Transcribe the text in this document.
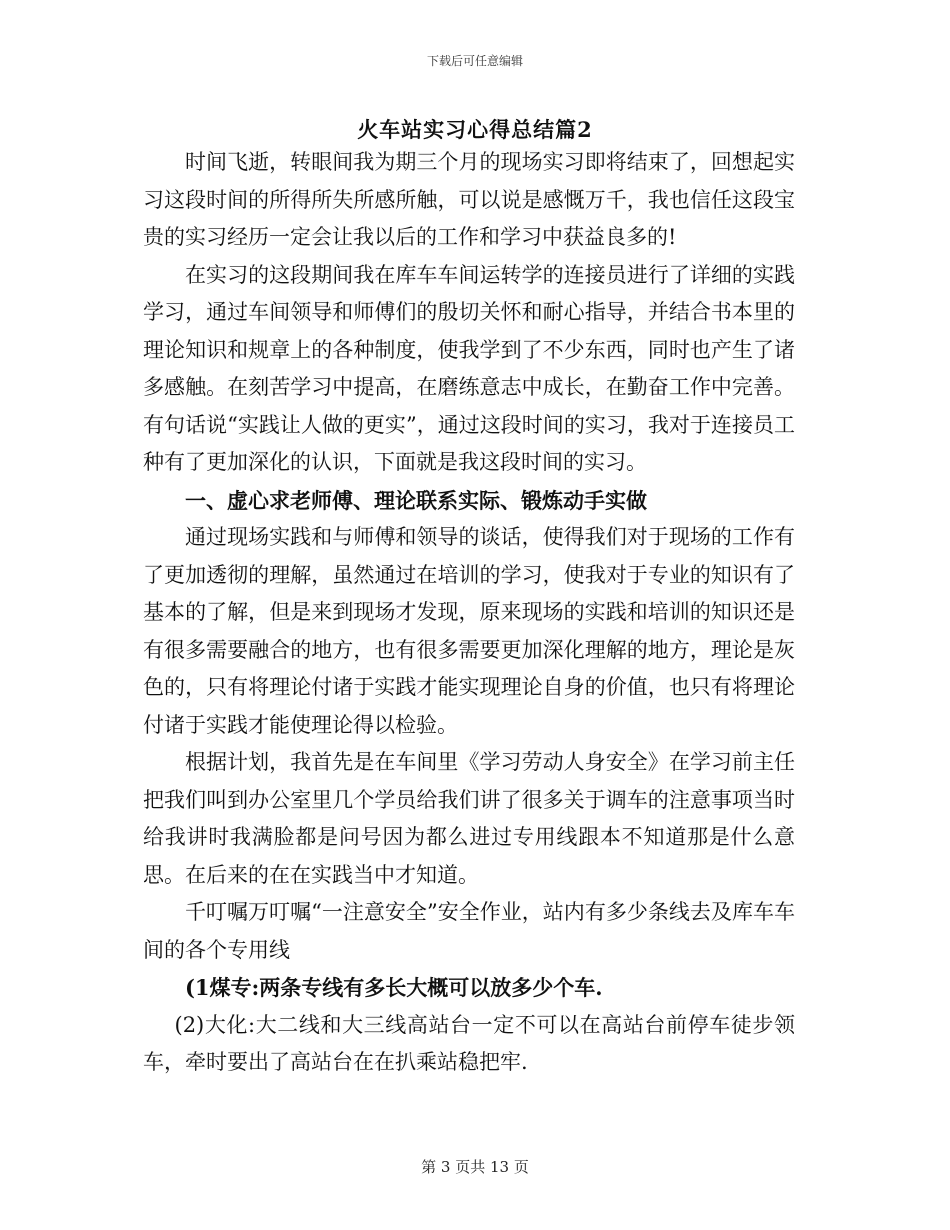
下载后可任意编辑
火车站实习心得总结篇2

时间飞逝，转眼间我为期三个月的现场实习即将结束了，回想起实习这段时间的所得所失所感所触，可以说是感慨万千，我也信任这段宝贵的实习经历一定会让我以后的工作和学习中获益良多的!

在实习的这段期间我在库车车间运转学的连接员进行了详细的实践学习，通过车间领导和师傅们的殷切关怀和耐心指导，并结合书本里的理论知识和规章上的各种制度，使我学到了不少东西，同时也产生了诸多感触。在刻苦学习中提高，在磨练意志中成长，在勤奋工作中完善。有句话说“实践让人做的更实”，通过这段时间的实习，我对于连接员工种有了更加深化的认识，下面就是我这段时间的实习。

一、虚心求老师傅、理论联系实际、锻炼动手实做

通过现场实践和与师傅和领导的谈话，使得我们对于现场的工作有了更加透彻的理解，虽然通过在培训的学习，使我对于专业的知识有了基本的了解，但是来到现场才发现，原来现场的实践和培训的知识还是有很多需要融合的地方，也有很多需要更加深化理解的地方，理论是灰色的，只有将理论付诸于实践才能实现理论自身的价值，也只有将理论付诸于实践才能使理论得以检验。

根据计划，我首先是在车间里《学习劳动人身安全》在学习前主任把我们叫到办公室里几个学员给我们讲了很多关于调车的注意事项当时给我讲时我满脸都是问号因为都么进过专用线跟本不知道那是什么意思。在后来的在在实践当中才知道。

千叮嘱万叮嘱“一注意安全”安全作业，站内有多少条线去及库车车间的各个专用线

(1煤专:两条专线有多长大概可以放多少个车.

(2)大化:大二线和大三线高站台一定不可以在高站台前停车徒步领车，牵时要出了高站台在在扒乘站稳把牢.

第 3 页共 13 页
